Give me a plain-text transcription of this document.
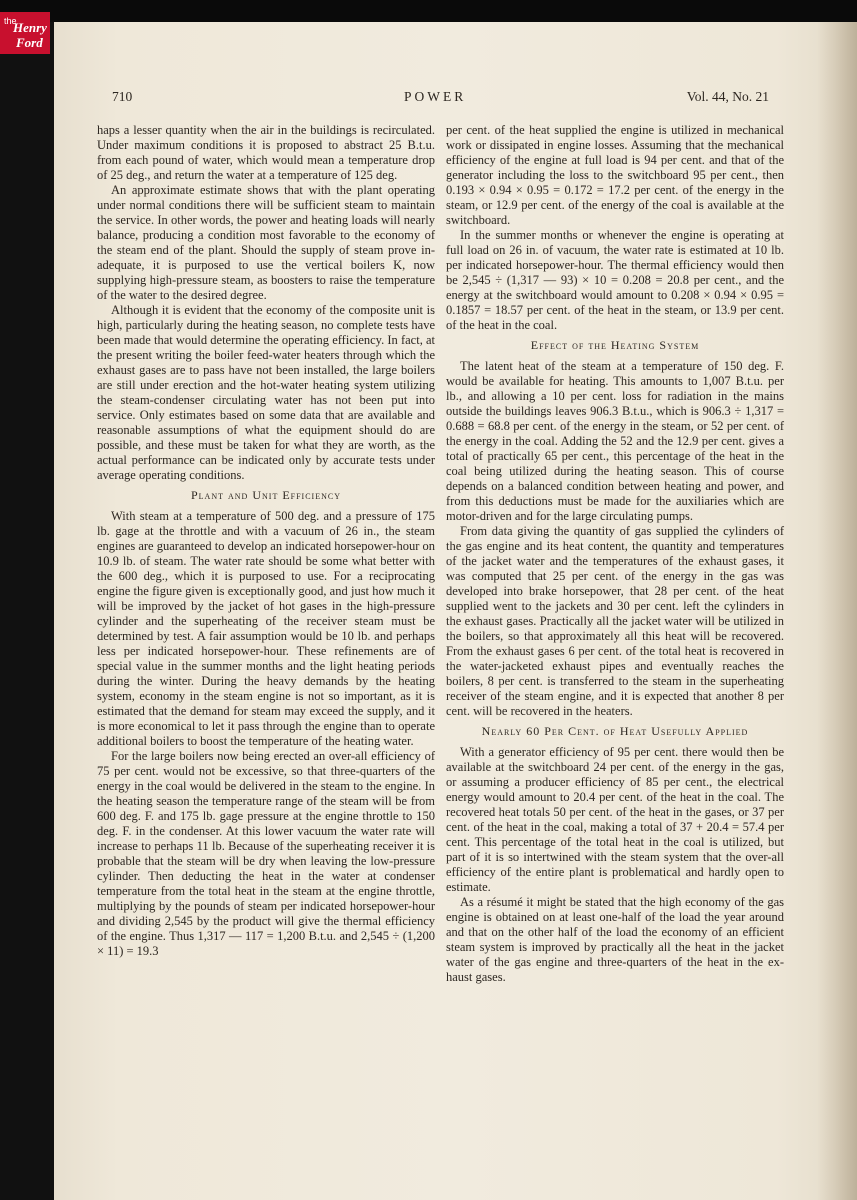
the
Henry
Ford
710	POWER	Vol. 44, No. 21

haps a lesser quantity when the air in the buildings is recirculated. Under maximum conditions it is proposed to abstract 25 B.t.u. from each pound of water, which would mean a temperature drop of 25 deg., and return the water at a temperature of 125 deg.

An approximate estimate shows that with the plant operating under normal conditions there will be sufficient steam to maintain the service. In other words, the power and heating loads will nearly balance, producing a condition most favorable to the economy of the steam end of the plant. Should the supply of steam prove inadequate, it is purposed to use the vertical boilers K, now supplying high-pressure steam, as boosters to raise the temperature of the water to the desired degree.

Although it is evident that the economy of the composite unit is high, particularly during the heating season, no complete tests have been made that would determine the operating efficiency. In fact, at the present writing the boiler feed-water heaters through which the exhaust gases are to pass have not been installed, the large boilers are still under erection and the hot-water heating system utilizing the steam-condenser circulating water has not been put into service. Only estimates based on some data that are available and reasonable assumptions of what the equipment should do are possible, and these must be taken for what they are worth, as the actual performance can be indicated only by accurate tests under average operating conditions.

Plant and Unit Efficiency

With steam at a temperature of 500 deg. and a pressure of 175 lb. gage at the throttle and with a vacuum of 26 in., the steam engines are guaranteed to develop an indicated horsepower-hour on 10.9 lb. of steam. The water rate should be some what better with the 600 deg., which it is purposed to use. For a reciprocating engine the figure given is exceptionally good, and just how much it will be improved by the jacket of hot gases in the high-pressure cylinder and the superheating of the receiver steam must be determined by test. A fair assumption would be 10 lb. and perhaps less per indicated horsepower-hour. These refinements are of special value in the summer months and the light heating periods during the winter. During the heavy demands by the heating system, economy in the steam engine is not so important, as it is estimated that the demand for steam may exceed the supply, and it is more economical to let it pass through the engine than to operate additional boilers to boost the temperature of the heating water.

For the large boilers now being erected an over-all efficiency of 75 per cent. would not be excessive, so that three-quarters of the energy in the coal would be delivered in the steam to the engine. In the heating season the temperature range of the steam will be from 600 deg. F. and 175 lb. gage pressure at the engine throttle to 150 deg. F. in the condenser. At this lower vacuum the water rate will increase to perhaps 11 lb. Because of the superheating receiver it is probable that the steam will be dry when leaving the low-pressure cylinder. Then deducting the heat in the water at condenser temperature from the total heat in the steam at the engine throttle, multiplying by the pounds of steam per indicated horsepower-hour and dividing 2,545 by the product will give the thermal efficiency of the engine. Thus 1,317 — 117 = 1,200 B.t.u. and 2,545 ÷ (1,200 × 11) = 19.3

per cent. of the heat supplied the engine is utilized in mechanical work or dissipated in engine losses. Assuming that the mechanical efficiency of the engine at full load is 94 per cent. and that of the generator including the loss to the switchboard 95 per cent., then 0.193 × 0.94 × 0.95 = 0.172 = 17.2 per cent. of the energy in the steam, or 12.9 per cent. of the energy of the coal is available at the switchboard.

In the summer months or whenever the engine is operating at full load on 26 in. of vacuum, the water rate is estimated at 10 lb. per indicated horsepower-hour. The thermal efficiency would then be 2,545 ÷ (1,317 — 93) × 10 = 0.208 = 20.8 per cent., and the energy at the switchboard would amount to 0.208 × 0.94 × 0.95 = 0.1857 = 18.57 per cent. of the heat in the steam, or 13.9 per cent. of the heat in the coal.

Effect of the Heating System

The latent heat of the steam at a temperature of 150 deg. F. would be available for heating. This amounts to 1,007 B.t.u. per lb., and allowing a 10 per cent. loss for radiation in the mains outside the buildings leaves 906.3 B.t.u., which is 906.3 ÷ 1,317 = 0.688 = 68.8 per cent. of the energy in the steam, or 52 per cent. of the energy in the coal. Adding the 52 and the 12.9 per cent. gives a total of practically 65 per cent., this percentage of the heat in the coal being utilized during the heating season. This of course depends on a balanced condition between heating and power, and from this deductions must be made for the auxiliaries which are motor-driven and for the large circulating pumps.

From data giving the quantity of gas supplied the cylinders of the gas engine and its heat content, the quantity and temperatures of the jacket water and the temperatures of the exhaust gases, it was computed that 25 per cent. of the energy in the gas was developed into brake horsepower, that 28 per cent. of the heat supplied went to the jackets and 30 per cent. left the cylinders in the exhaust gases. Practically all the jacket water will be utilized in the boilers, so that approximately all this heat will be recovered. From the exhaust gases 6 per cent. of the total heat is recovered in the water-jacketed exhaust pipes and eventually reaches the boilers, 8 per cent. is transferred to the steam in the superheating receiver of the steam engine, and it is expected that another 8 per cent. will be recovered in the heaters.

Nearly 60 Per Cent. of Heat Usefully Applied

With a generator efficiency of 95 per cent. there would then be available at the switchboard 24 per cent. of the energy in the gas, or assuming a producer efficiency of 85 per cent., the electrical energy would amount to 20.4 per cent. of the heat in the coal. The recovered heat totals 50 per cent. of the heat in the gases, or 37 per cent. of the heat in the coal, making a total of 37 + 20.4 = 57.4 per cent. This percentage of the total heat in the coal is utilized, but part of it is so intertwined with the steam system that the over-all efficiency of the entire plant is problematical and hardly open to estimate.

As a résumé it might be stated that the high economy of the gas engine is obtained on at least one-half of the load the year around and that on the other half of the load the economy of an efficient steam system is improved by practically all the heat in the jacket water of the gas engine and three-quarters of the heat in the exhaust gases.
